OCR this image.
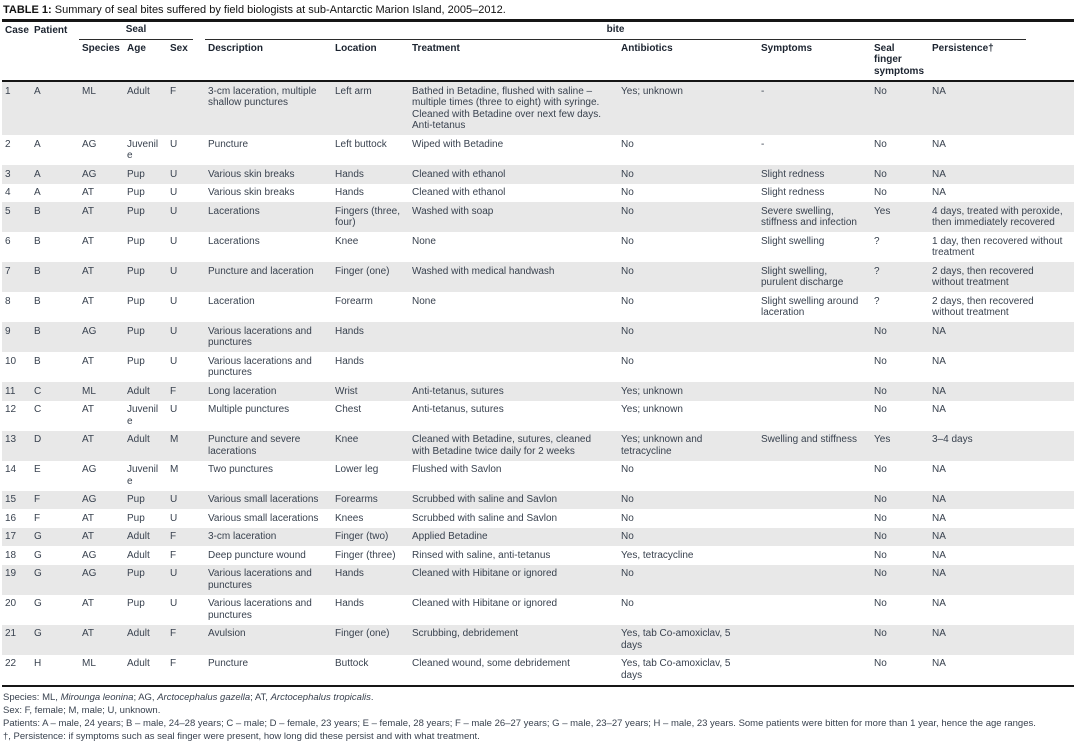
TABLE 1: Summary of seal bites suffered by field biologists at sub-Antarctic Marion Island, 2005–2012.
Case	Patient	Seal			bite						

		Species	Age	Sex	Description	Location	Treatment	Antibiotics	Symptoms	Seal finger symptoms	Persistence†
1	A	ML	Adult	F	3-cm laceration, multiple shallow punctures	Left arm	Bathed in Betadine, flushed with saline – multiple times (three to eight) with syringe. Cleaned with Betadine over next few days. Anti-tetanus	Yes; unknown	-	No	NA
2	A	AG	Juvenile	U	Puncture	Left buttock	Wiped with Betadine	No	-	No	NA
3	A	AG	Pup	U	Various skin breaks	Hands	Cleaned with ethanol	No	Slight redness	No	NA
4	A	AT	Pup	U	Various skin breaks	Hands	Cleaned with ethanol	No	Slight redness	No	NA
5	B	AT	Pup	U	Lacerations	Fingers (three, four)	Washed with soap	No	Severe swelling, stiffness and infection	Yes	4 days, treated with peroxide, then immediately recovered
6	B	AT	Pup	U	Lacerations	Knee	None	No	Slight swelling	?	1 day, then recovered without treatment
7	B	AT	Pup	U	Puncture and laceration	Finger (one)	Washed with medical handwash	No	Slight swelling, purulent discharge	?	2 days, then recovered without treatment
8	B	AT	Pup	U	Laceration	Forearm	None	No	Slight swelling around laceration	?	2 days, then recovered without treatment
9	B	AG	Pup	U	Various lacerations and punctures	Hands		No		No	NA
10	B	AT	Pup	U	Various lacerations and punctures	Hands		No		No	NA
11	C	ML	Adult	F	Long laceration	Wrist	Anti-tetanus, sutures	Yes; unknown		No	NA
12	C	AT	Juvenile	U	Multiple punctures	Chest	Anti-tetanus, sutures	Yes; unknown		No	NA
13	D	AT	Adult	M	Puncture and severe lacerations	Knee	Cleaned with Betadine, sutures, cleaned with Betadine twice daily for 2 weeks	Yes; unknown and tetracycline	Swelling and stiffness	Yes	3–4 days
14	E	AG	Juvenile	M	Two punctures	Lower leg	Flushed with Savlon	No		No	NA
15	F	AG	Pup	U	Various small lacerations	Forearms	Scrubbed with saline and Savlon	No		No	NA
16	F	AT	Pup	U	Various small lacerations	Knees	Scrubbed with saline and Savlon	No		No	NA
17	G	AT	Adult	F	3-cm laceration	Finger (two)	Applied Betadine	No		No	NA
18	G	AG	Adult	F	Deep puncture wound	Finger (three)	Rinsed with saline, anti-tetanus	Yes, tetracycline		No	NA
19	G	AG	Pup	U	Various lacerations and punctures	Hands	Cleaned with Hibitane or ignored	No		No	NA
20	G	AT	Pup	U	Various lacerations and punctures	Hands	Cleaned with Hibitane or ignored	No		No	NA
21	G	AT	Adult	F	Avulsion	Finger (one)	Scrubbing, debridement	Yes, tab Co-amoxiclav, 5 days		No	NA
22	H	ML	Adult	F	Puncture	Buttock	Cleaned wound, some debridement	Yes, tab Co-amoxiclav, 5 days		No	NA
Species: ML, Mirounga leonina; AG, Arctocephalus gazella; AT, Arctocephalus tropicalis.
Sex: F, female; M, male; U, unknown.
Patients: A – male, 24 years; B – male, 24–28 years; C – male; D – female, 23 years; E – female, 28 years; F – male 26–27 years; G – male, 23–27 years; H – male, 23 years. Some patients were bitten for more than 1 year, hence the age ranges.
†, Persistence: if symptoms such as seal finger were present, how long did these persist and with what treatment.
